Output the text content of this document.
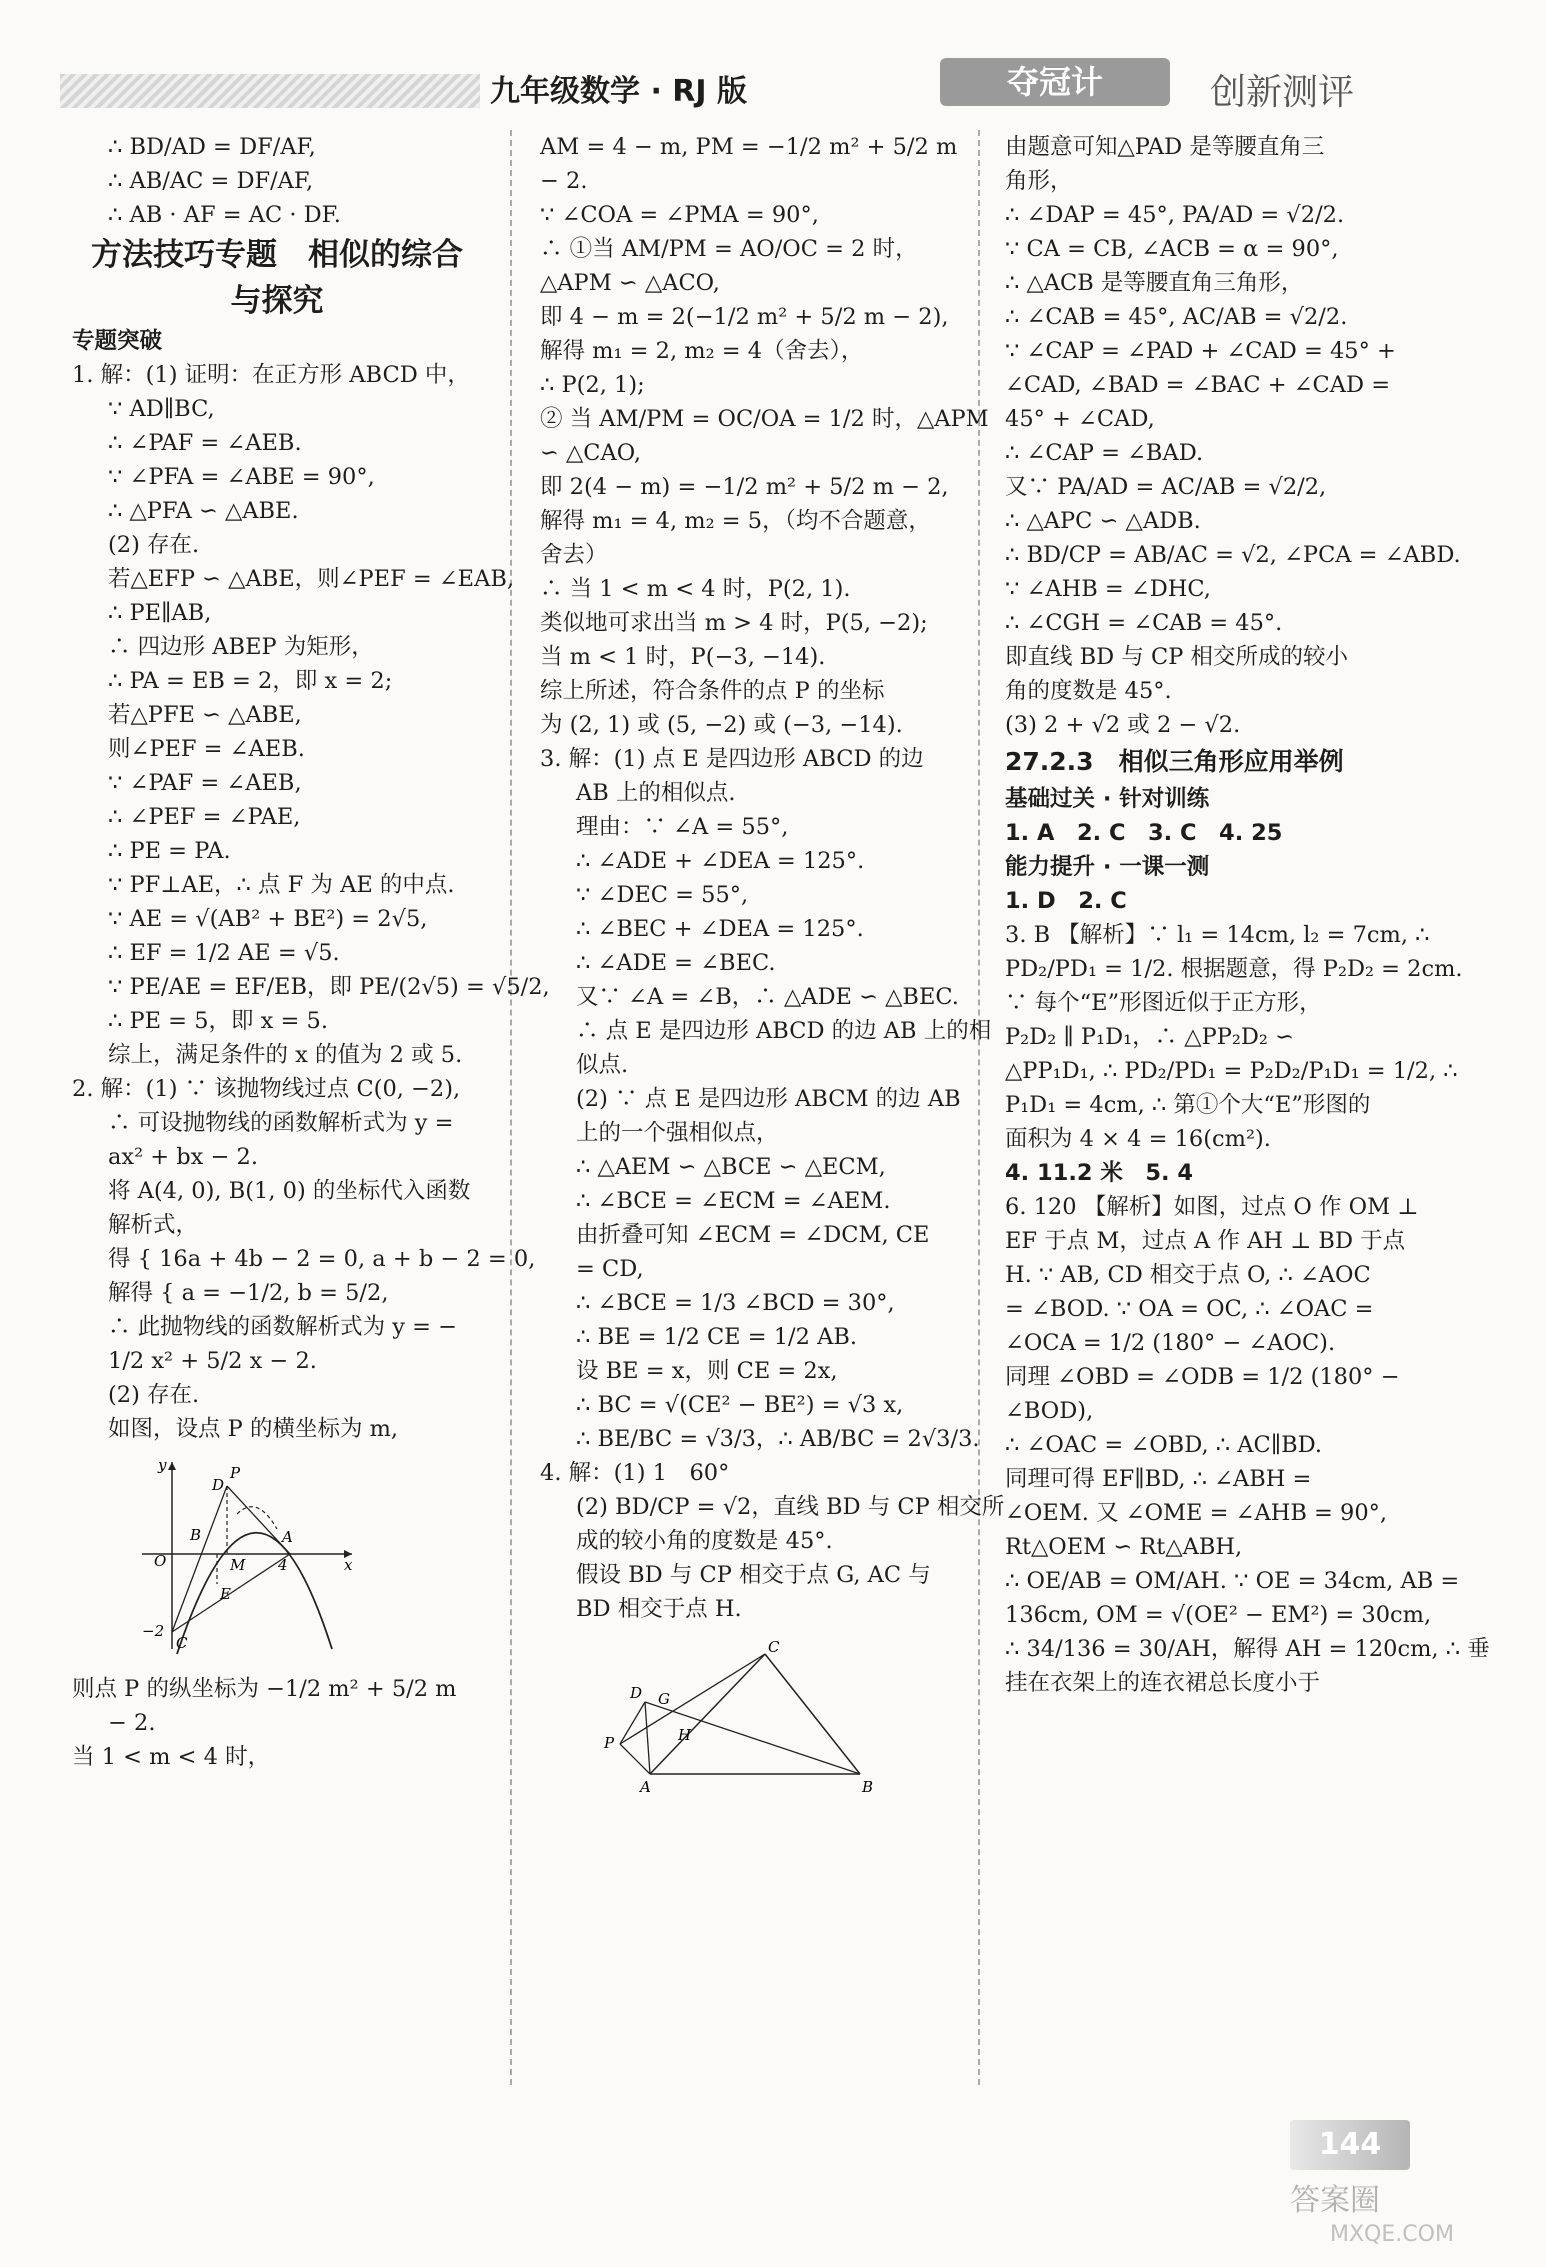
九年级数学 · RJ 版	夺冠计	创新测评
∴ BD/AD = DF/AF,
∴ AB/AC = DF/AF,
∴ AB · AF = AC · DF.
方法技巧专题　相似的综合
与探究
专题突破
1. 解：(1) 证明：在正方形 ABCD 中，
∵ AD∥BC,
∴ ∠PAF = ∠AEB.
∵ ∠PFA = ∠ABE = 90°,
∴ △PFA ∽ △ABE.
(2) 存在.
若△EFP ∽ △ABE，则∠PEF = ∠EAB,
∴ PE∥AB,
∴ 四边形 ABEP 为矩形，
∴ PA = EB = 2，即 x = 2;
若△PFE ∽ △ABE,
则∠PEF = ∠AEB.
∵ ∠PAF = ∠AEB,
∴ ∠PEF = ∠PAE,
∴ PE = PA.
∵ PF⊥AE，∴ 点 F 为 AE 的中点.
∵ AE = √(AB² + BE²) = 2√5,
∴ EF = 1/2 AE = √5.
∵ PE/AE = EF/EB，即 PE/(2√5) = √5/2,
∴ PE = 5，即 x = 5.
综上，满足条件的 x 的值为 2 或 5.
2. 解：(1) ∵ 该抛物线过点 C(0, −2),
∴ 可设抛物线的函数解析式为 y =
ax² + bx − 2.
将 A(4, 0), B(1, 0) 的坐标代入函数
解析式，
得 { 16a + 4b − 2 = 0, a + b − 2 = 0,
解得 { a = −1/2, b = 5/2,
∴ 此抛物线的函数解析式为 y = −
1/2 x² + 5/2 x − 2.
(2) 存在.
如图，设点 P 的横坐标为 m,
y
D
P
B
O	M
A
4	x
−2
C
E
则点 P 的纵坐标为 −1/2 m² + 5/2 m
− 2.
当 1 < m < 4 时，
AM = 4 − m, PM = −1/2 m² + 5/2 m
− 2.
∵ ∠COA = ∠PMA = 90°,
∴ ①当 AM/PM = AO/OC = 2 时，
△APM ∽ △ACO,
即 4 − m = 2(−1/2 m² + 5/2 m − 2),
解得 m₁ = 2, m₂ = 4（舍去），
∴ P(2, 1);
② 当 AM/PM = OC/OA = 1/2 时，△APM
∽ △CAO,
即 2(4 − m) = −1/2 m² + 5/2 m − 2,
解得 m₁ = 4, m₂ = 5，（均不合题意，
舍去）
∴ 当 1 < m < 4 时，P(2, 1).
类似地可求出当 m > 4 时，P(5, −2);
当 m < 1 时，P(−3, −14).
综上所述，符合条件的点 P 的坐标
为 (2, 1) 或 (5, −2) 或 (−3, −14).
3. 解：(1) 点 E 是四边形 ABCD 的边
AB 上的相似点.
理由：∵ ∠A = 55°,
∴ ∠ADE + ∠DEA = 125°.
∵ ∠DEC = 55°,
∴ ∠BEC + ∠DEA = 125°.
∴ ∠ADE = ∠BEC.
又∵ ∠A = ∠B，∴ △ADE ∽ △BEC.
∴ 点 E 是四边形 ABCD 的边 AB 上的相
似点.
(2) ∵ 点 E 是四边形 ABCM 的边 AB
上的一个强相似点，
∴ △AEM ∽ △BCE ∽ △ECM,
∴ ∠BCE = ∠ECM = ∠AEM.
由折叠可知 ∠ECM = ∠DCM, CE
= CD,
∴ ∠BCE = 1/3 ∠BCD = 30°,
∴ BE = 1/2 CE = 1/2 AB.
设 BE = x，则 CE = 2x,
∴ BC = √(CE² − BE²) = √3 x,
∴ BE/BC = √3/3，∴ AB/BC = 2√3/3.
4. 解：(1) 1　60°
(2) BD/CP = √2，直线 BD 与 CP 相交所
成的较小角的度数是 45°.
假设 BD 与 CP 相交于点 G, AC 与
BD 相交于点 H.
C
D G
P	H
A	B
由题意可知△PAD 是等腰直角三
角形，
∴ ∠DAP = 45°, PA/AD = √2/2.
∵ CA = CB, ∠ACB = α = 90°,
∴ △ACB 是等腰直角三角形，
∴ ∠CAB = 45°, AC/AB = √2/2.
∵ ∠CAP = ∠PAD + ∠CAD = 45° +
∠CAD, ∠BAD = ∠BAC + ∠CAD =
45° + ∠CAD,
∴ ∠CAP = ∠BAD.
又∵ PA/AD = AC/AB = √2/2,
∴ △APC ∽ △ADB.
∴ BD/CP = AB/AC = √2, ∠PCA = ∠ABD.
∵ ∠AHB = ∠DHC,
∴ ∠CGH = ∠CAB = 45°.
即直线 BD 与 CP 相交所成的较小
角的度数是 45°.
(3) 2 + √2 或 2 − √2.
27.2.3　相似三角形应用举例
基础过关 · 针对训练
1. A　2. C　3. C　4. 25
能力提升 · 一课一测
1. D　2. C
3. B 【解析】∵ l₁ = 14cm, l₂ = 7cm, ∴
PD₂/PD₁ = 1/2. 根据题意，得 P₂D₂ = 2cm.
∵ 每个“E”形图近似于正方形，
P₂D₂ ∥ P₁D₁，∴ △PP₂D₂ ∽
△PP₁D₁, ∴ PD₂/PD₁ = P₂D₂/P₁D₁ = 1/2, ∴
P₁D₁ = 4cm, ∴ 第①个大“E”形图的
面积为 4 × 4 = 16(cm²).
4. 11.2 米　5. 4
6. 120 【解析】如图，过点 O 作 OM ⊥
EF 于点 M，过点 A 作 AH ⊥ BD 于点
H. ∵ AB, CD 相交于点 O, ∴ ∠AOC
= ∠BOD. ∵ OA = OC, ∴ ∠OAC =
∠OCA = 1/2 (180° − ∠AOC).
同理 ∠OBD = ∠ODB = 1/2 (180° −
∠BOD),
∴ ∠OAC = ∠OBD, ∴ AC∥BD.
同理可得 EF∥BD, ∴ ∠ABH =
∠OEM. 又 ∠OME = ∠AHB = 90°,
Rt△OEM ∽ Rt△ABH,
∴ OE/AB = OM/AH. ∵ OE = 34cm, AB =
136cm, OM = √(OE² − EM²) = 30cm,
∴ 34/136 = 30/AH，解得 AH = 120cm, ∴ 垂
挂在衣架上的连衣裙总长度小于
144
答案圈
MXQE.COM
